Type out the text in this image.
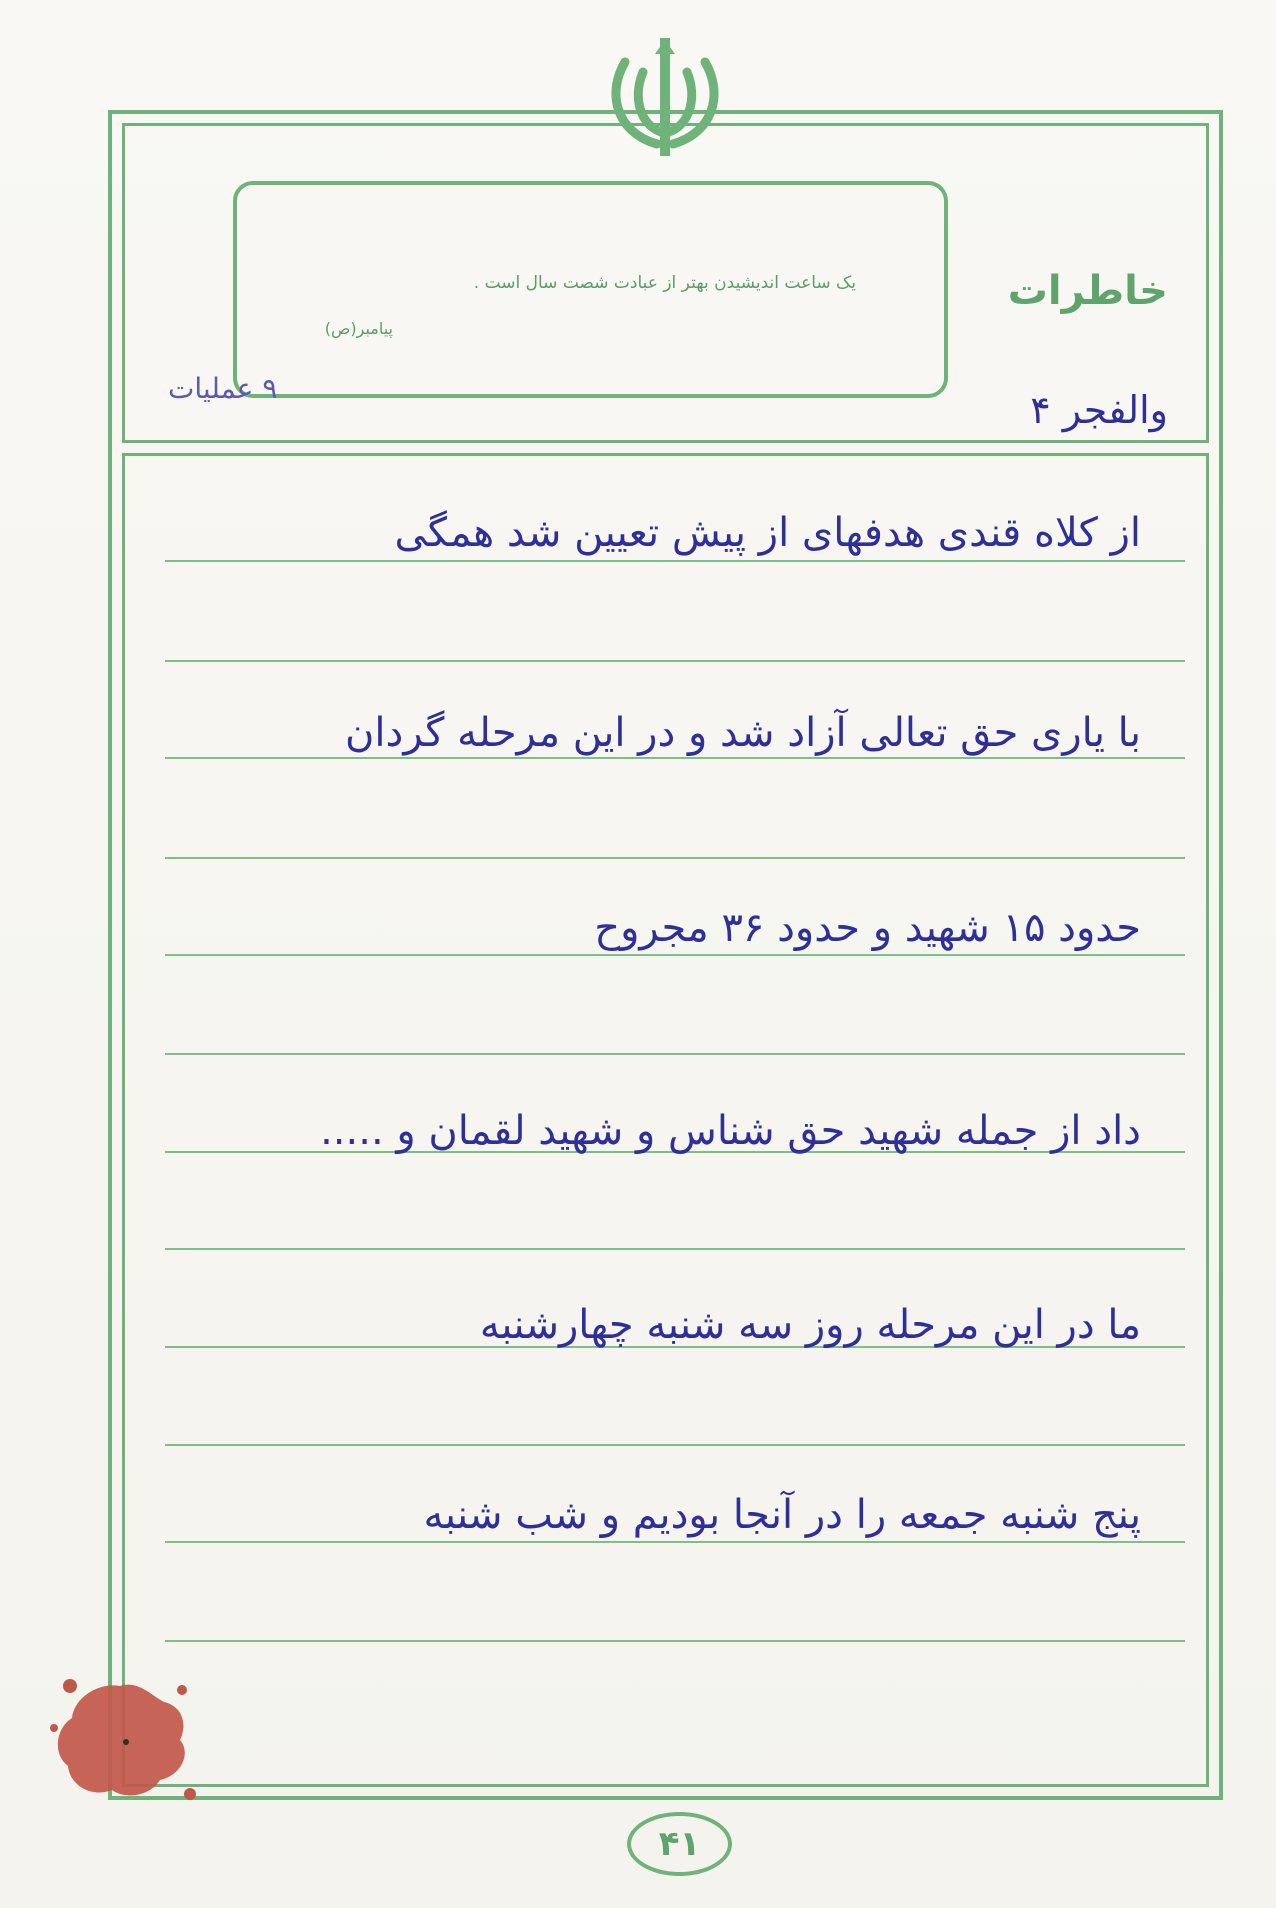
یک ساعت اندیشیدن بهتر از عبادت شصت سال است .
پیامبر(ص)
خاطرات
والفجر ۴
۹ عملیات
از کلاه قندی هدفهای از پیش تعیین شد همگی
با یاری حق تعالی آزاد شد و در این مرحله گردان
حدود ۱۵ شهید و حدود ۳۶ مجروح
داد از جمله شهید حق شناس و شهید لقمان و .....
ما در این مرحله روز سه شنبه چهارشنبه
پنج شنبه جمعه را در آنجا بودیم و شب شنبه
۴۱
